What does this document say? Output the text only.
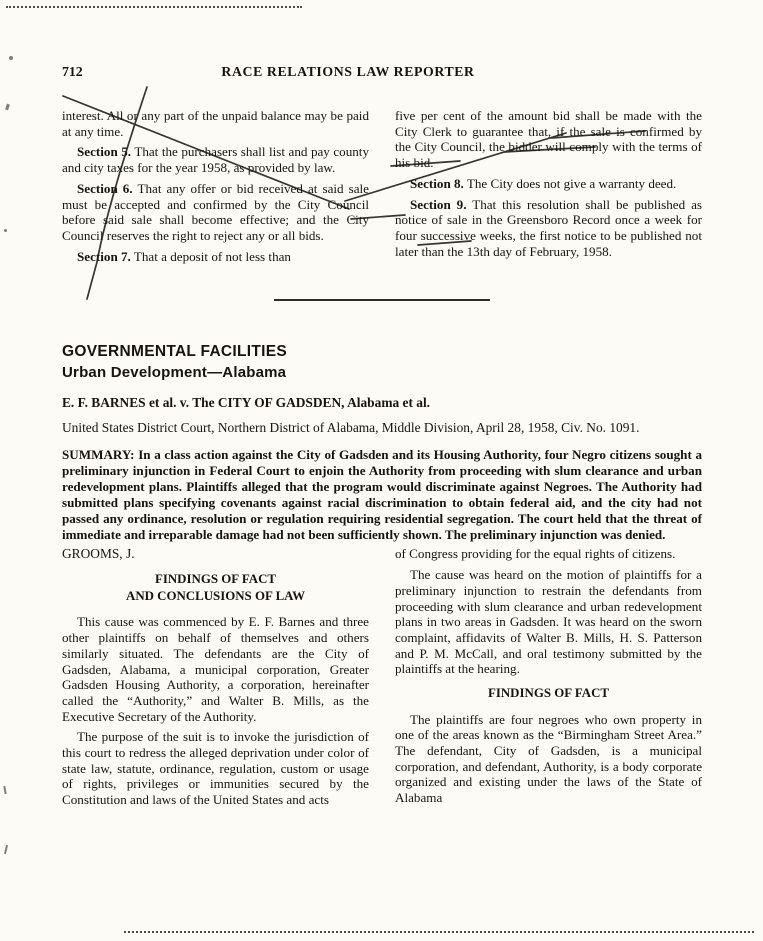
712	RACE RELATIONS LAW REPORTER

interest. All or any part of the unpaid balance may be paid at any time.

Section 5. That the purchasers shall list and pay county and city taxes for the year 1958, as provided by law.

Section 6. That any offer or bid received at said sale must be accepted and confirmed by the City Council before said sale shall become effective; and the City Council reserves the right to reject any or all bids.

Section 7. That a deposit of not less than

five per cent of the amount bid shall be made with the City Clerk to guarantee that, if the sale is confirmed by the City Council, the bidder will comply with the terms of his bid.

Section 8. The City does not give a warranty deed.

Section 9. That this resolution shall be published as notice of sale in the Greensboro Record once a week for four successive weeks, the first notice to be published not later than the 13th day of February, 1958.

GOVERNMENTAL FACILITIES
Urban Development—Alabama
E. F. BARNES et al. v. The CITY OF GADSDEN, Alabama et al.
United States District Court, Northern District of Alabama, Middle Division, April 28, 1958, Civ. No. 1091.
SUMMARY: In a class action against the City of Gadsden and its Housing Authority, four Negro citizens sought a preliminary injunction in Federal Court to enjoin the Authority from proceeding with slum clearance and urban redevelopment plans. Plaintiffs alleged that the program would discriminate against Negroes. The Authority had submitted plans specifying covenants against racial discrimination to obtain federal aid, and the city had not passed any ordinance, resolution or regulation requiring residential segregation. The court held that the threat of immediate and irreparable damage had not been sufficiently shown. The preliminary injunction was denied.

GROOMS, J.

FINDINGS OF FACT
AND CONCLUSIONS OF LAW

This cause was commenced by E. F. Barnes and three other plaintiffs on behalf of themselves and others similarly situated. The defendants are the City of Gadsden, Alabama, a municipal corporation, Greater Gadsden Housing Authority, a corporation, hereinafter called the “Authority,” and Walter B. Mills, as the Executive Secretary of the Authority.

The purpose of the suit is to invoke the jurisdiction of this court to redress the alleged deprivation under color of state law, statute, ordinance, regulation, custom or usage of rights, privileges or immunities secured by the Constitution and laws of the United States and acts

of Congress providing for the equal rights of citizens.

The cause was heard on the motion of plaintiffs for a preliminary injunction to restrain the defendants from proceeding with slum clearance and urban redevelopment plans in two areas in Gadsden. It was heard on the sworn complaint, affidavits of Walter B. Mills, H. S. Patterson and P. M. McCall, and oral testimony submitted by the plaintiffs at the hearing.

FINDINGS OF FACT

The plaintiffs are four negroes who own property in one of the areas known as the “Birmingham Street Area.” The defendant, City of Gadsden, is a municipal corporation, and defendant, Authority, is a body corporate organized and existing under the laws of the State of Alabama
